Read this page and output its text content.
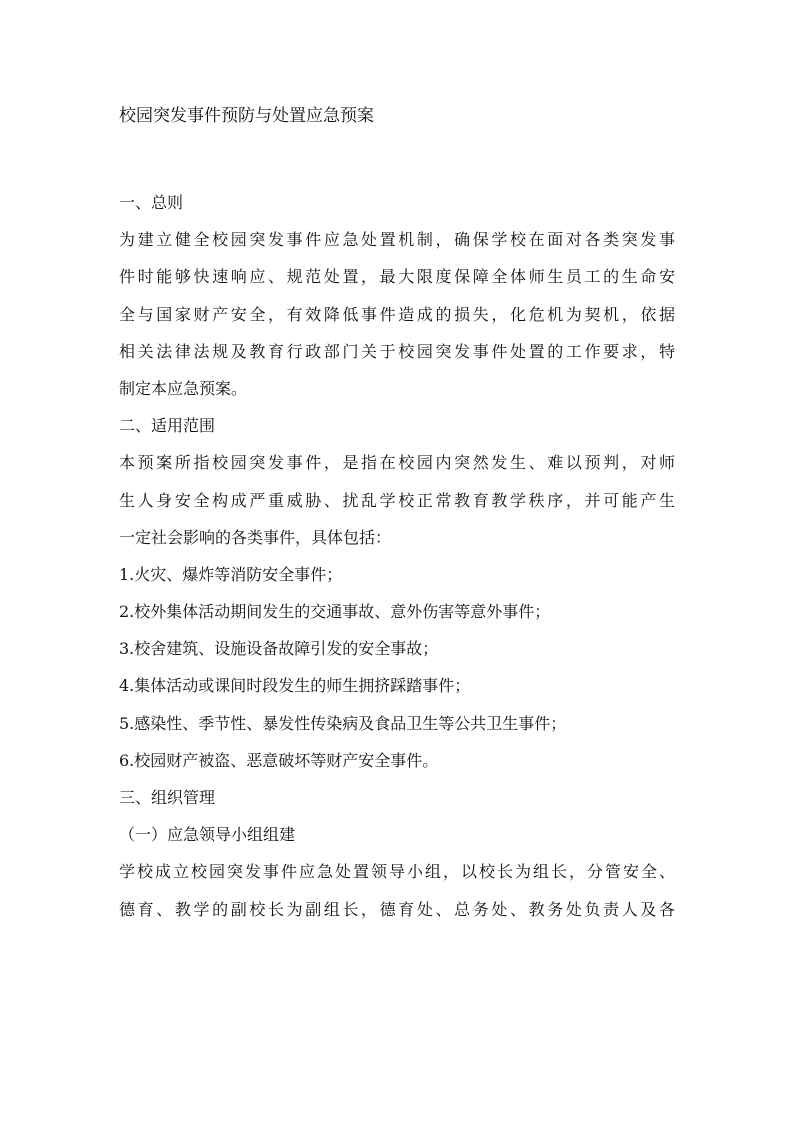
校园突发事件预防与处置应急预案
一、总则
为建立健全校园突发事件应急处置机制，确保学校在面对各类突发事
件时能够快速响应、规范处置，最大限度保障全体师生员工的生命安
全与国家财产安全，有效降低事件造成的损失，化危机为契机，依据
相关法律法规及教育行政部门关于校园突发事件处置的工作要求，特
制定本应急预案。
二、适用范围
本预案所指校园突发事件，是指在校园内突然发生、难以预判，对师
生人身安全构成严重威胁、扰乱学校正常教育教学秩序，并可能产生
一定社会影响的各类事件，具体包括：
1.火灾、爆炸等消防安全事件；
2.校外集体活动期间发生的交通事故、意外伤害等意外事件；
3.校舍建筑、设施设备故障引发的安全事故；
4.集体活动或课间时段发生的师生拥挤踩踏事件；
5.感染性、季节性、暴发性传染病及食品卫生等公共卫生事件；
6.校园财产被盗、恶意破坏等财产安全事件。
三、组织管理
（一）应急领导小组组建
学校成立校园突发事件应急处置领导小组，以校长为组长，分管安全、
德育、教学的副校长为副组长，德育处、总务处、教务处负责人及各
